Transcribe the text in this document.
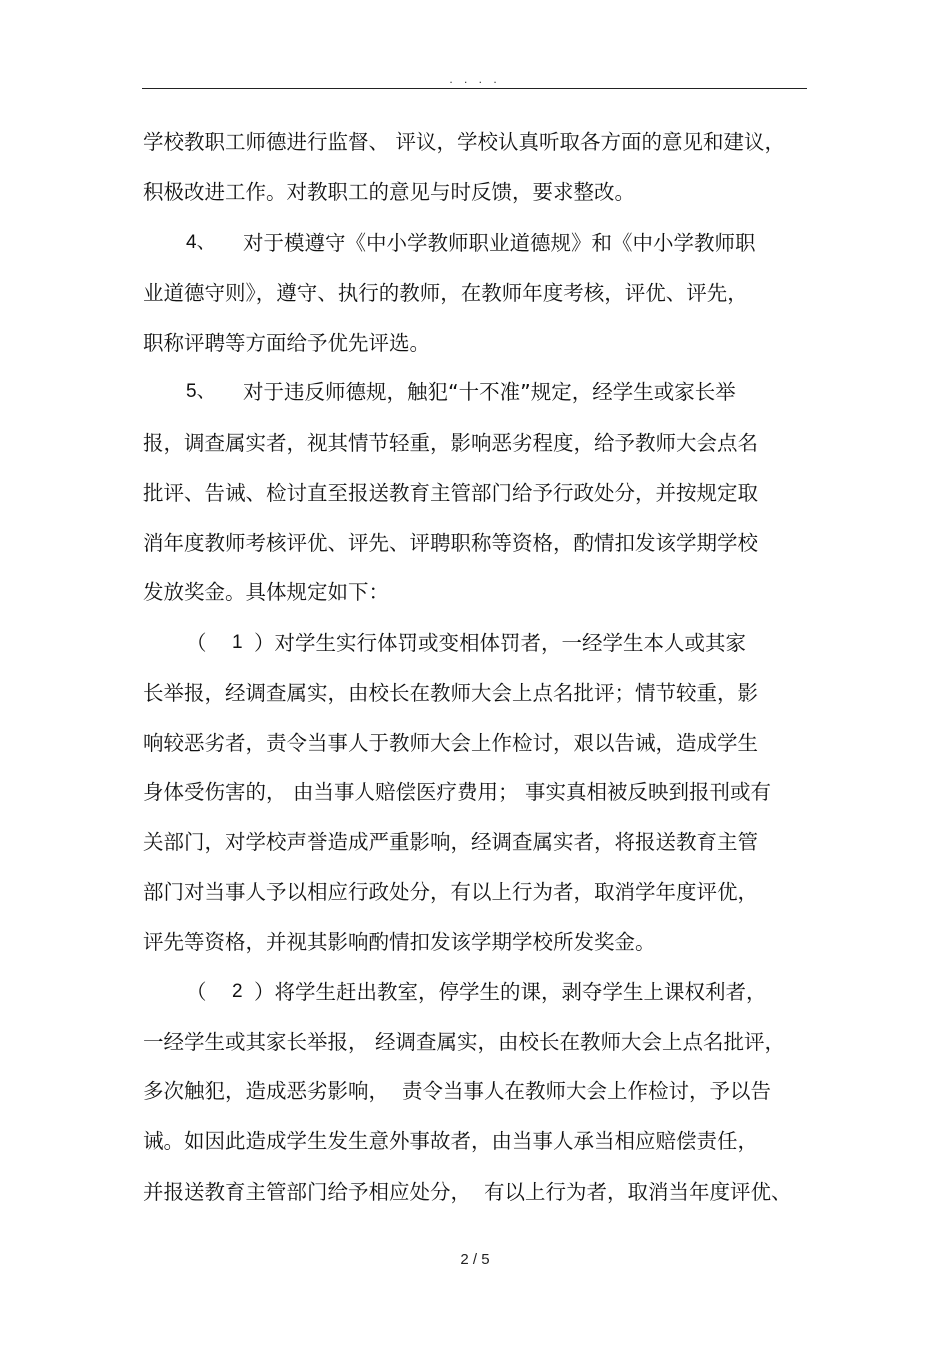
. . . .
学校教职工师德进行监督、 评议，学校认真听取各方面的意见和建议，
积极改进工作。对教职工的意见与时反馈，要求整改。
4、 对于模遵守《中小学教师职业道德规》和《中小学教师职
业道德守则》，遵守、执行的教师，在教师年度考核，评优、评先，
职称评聘等方面给予优先评选。
5、 对于违反师德规，触犯“十不准”规定，经学生或家长举
报，调查属实者，视其情节轻重，影响恶劣程度，给予教师大会点名
批评、告诫、检讨直至报送教育主管部门给予行政处分，并按规定取
消年度教师考核评优、评先、评聘职称等资格，酌情扣发该学期学校
发放奖金。具体规定如下：
（ 1 ）对学生实行体罚或变相体罚者，一经学生本人或其家
长举报，经调查属实，由校长在教师大会上点名批评；情节较重，影
响较恶劣者，责令当事人于教师大会上作检讨，艰以告诫，造成学生
身体受伤害的， 由当事人赔偿医疗费用； 事实真相被反映到报刊或有
关部门，对学校声誉造成严重影响，经调查属实者，将报送教育主管
部门对当事人予以相应行政处分，有以上行为者，取消学年度评优，
评先等资格，并视其影响酌情扣发该学期学校所发奖金。
（ 2 ）将学生赶出教室，停学生的课，剥夺学生上课权利者，
一经学生或其家长举报， 经调查属实，由校长在教师大会上点名批评，
多次触犯，造成恶劣影响，  责令当事人在教师大会上作检讨，予以告
诫。如因此造成学生发生意外事故者，由当事人承当相应赔偿责任，
并报送教育主管部门给予相应处分，  有以上行为者，取消当年度评优、
2 / 5
